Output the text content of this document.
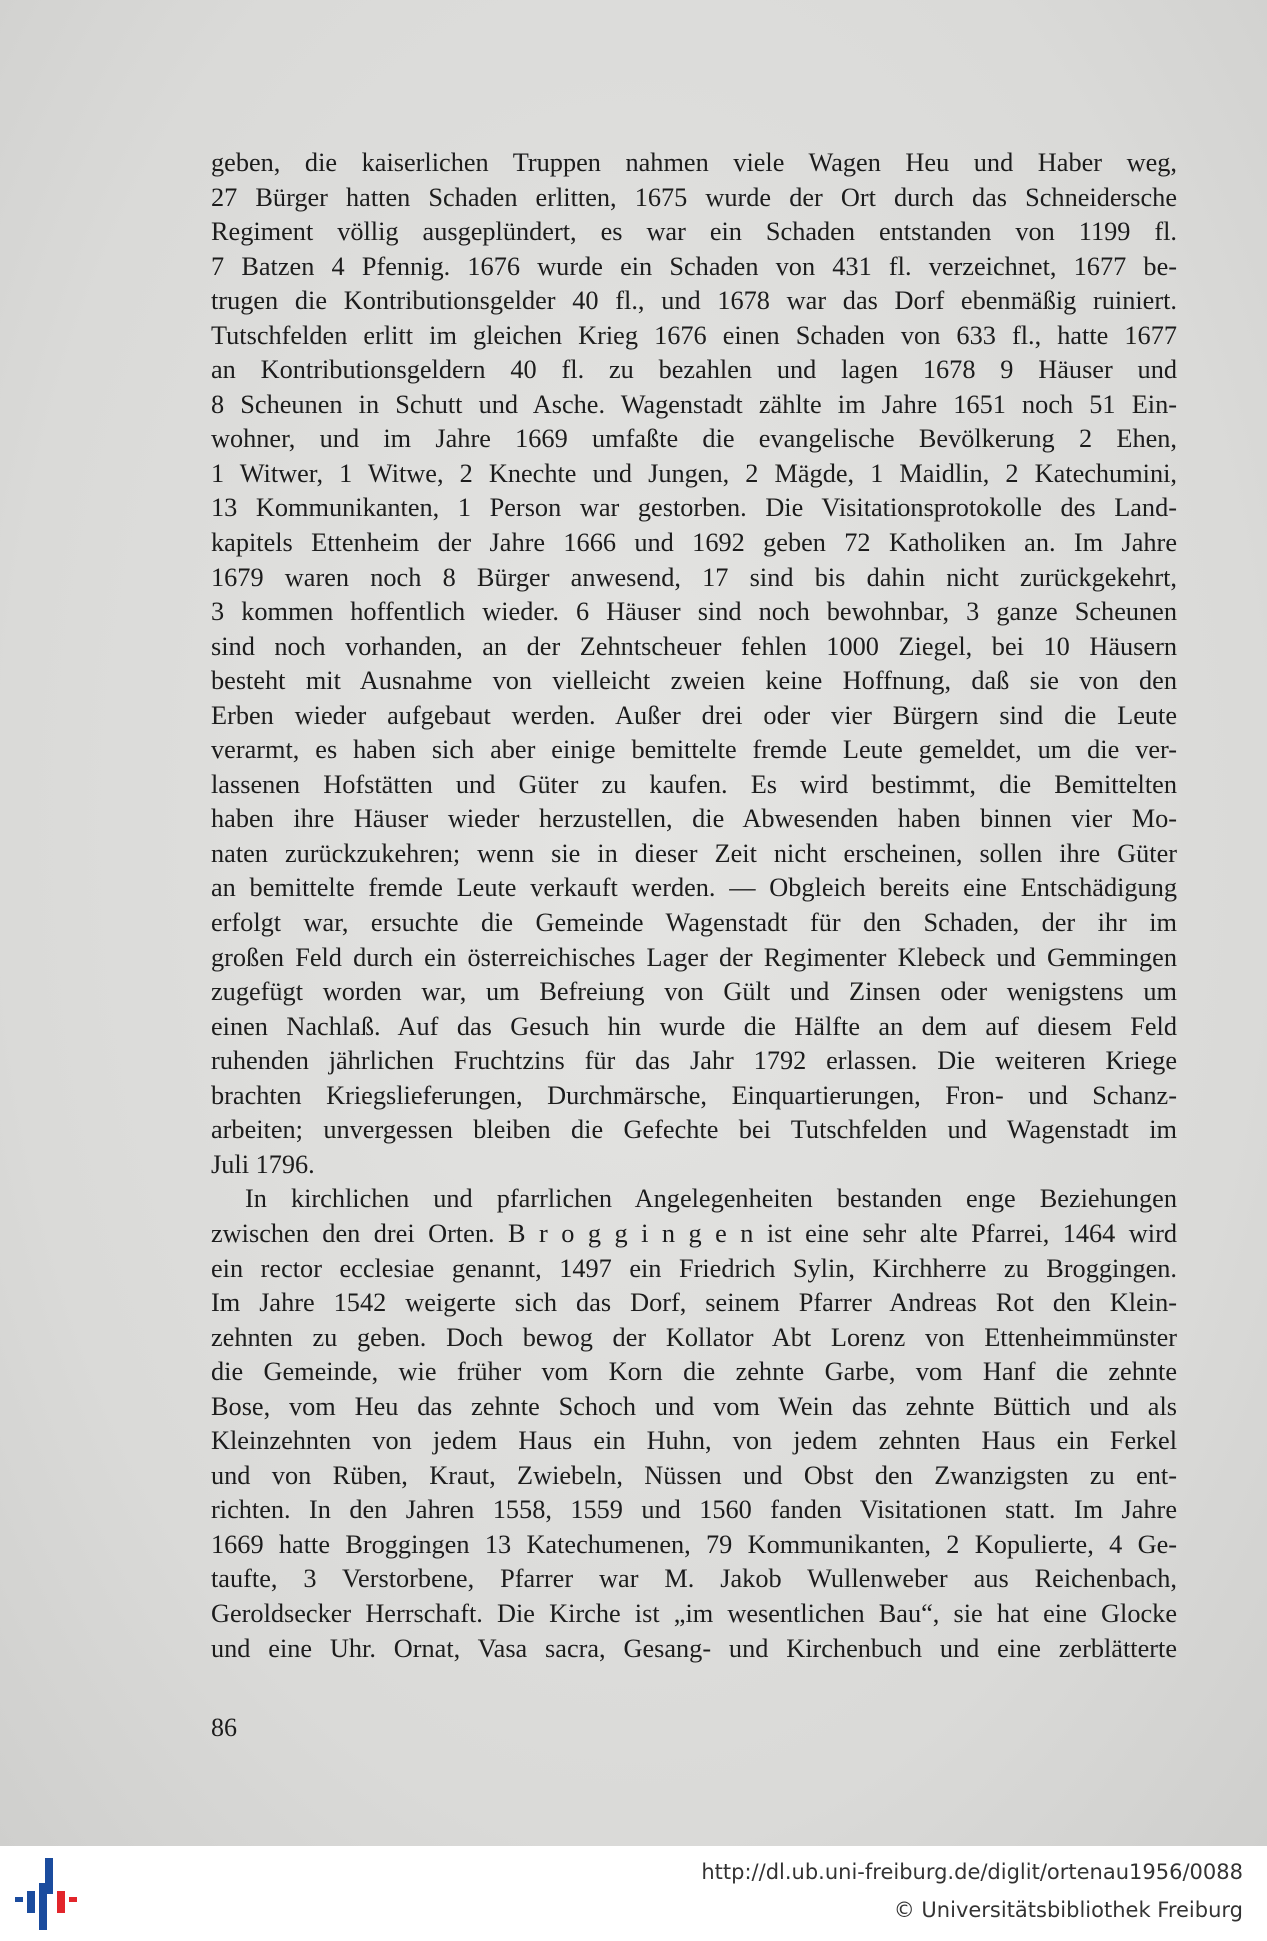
geben, die kaiserlichen Truppen nahmen viele Wagen Heu und Haber weg,
27 Bürger hatten Schaden erlitten, 1675 wurde der Ort durch das Schneidersche
Regiment völlig ausgeplündert, es war ein Schaden entstanden von 1199 fl.
7 Batzen 4 Pfennig. 1676 wurde ein Schaden von 431 fl. verzeichnet, 1677 be-
trugen die Kontributionsgelder 40 fl., und 1678 war das Dorf ebenmäßig ruiniert.
Tutschfelden erlitt im gleichen Krieg 1676 einen Schaden von 633 fl., hatte 1677
an Kontributionsgeldern 40 fl. zu bezahlen und lagen 1678 9 Häuser und
8 Scheunen in Schutt und Asche. Wagenstadt zählte im Jahre 1651 noch 51 Ein-
wohner, und im Jahre 1669 umfaßte die evangelische Bevölkerung 2 Ehen,
1 Witwer, 1 Witwe, 2 Knechte und Jungen, 2 Mägde, 1 Maidlin, 2 Katechumini,
13 Kommunikanten, 1 Person war gestorben. Die Visitationsprotokolle des Land-
kapitels Ettenheim der Jahre 1666 und 1692 geben 72 Katholiken an. Im Jahre
1679 waren noch 8 Bürger anwesend, 17 sind bis dahin nicht zurückgekehrt,
3 kommen hoffentlich wieder. 6 Häuser sind noch bewohnbar, 3 ganze Scheunen
sind noch vorhanden, an der Zehntscheuer fehlen 1000 Ziegel, bei 10 Häusern
besteht mit Ausnahme von vielleicht zweien keine Hoffnung, daß sie von den
Erben wieder aufgebaut werden. Außer drei oder vier Bürgern sind die Leute
verarmt, es haben sich aber einige bemittelte fremde Leute gemeldet, um die ver-
lassenen Hofstätten und Güter zu kaufen. Es wird bestimmt, die Bemittelten
haben ihre Häuser wieder herzustellen, die Abwesenden haben binnen vier Mo-
naten zurückzukehren; wenn sie in dieser Zeit nicht erscheinen, sollen ihre Güter
an bemittelte fremde Leute verkauft werden. — Obgleich bereits eine Entschädigung
erfolgt war, ersuchte die Gemeinde Wagenstadt für den Schaden, der ihr im
großen Feld durch ein österreichisches Lager der Regimenter Klebeck und Gemmingen
zugefügt worden war, um Befreiung von Gült und Zinsen oder wenigstens um
einen Nachlaß. Auf das Gesuch hin wurde die Hälfte an dem auf diesem Feld
ruhenden jährlichen Fruchtzins für das Jahr 1792 erlassen. Die weiteren Kriege
brachten Kriegslieferungen, Durchmärsche, Einquartierungen, Fron- und Schanz-
arbeiten; unvergessen bleiben die Gefechte bei Tutschfelden und Wagenstadt im
Juli 1796.
In kirchlichen und pfarrlichen Angelegenheiten bestanden enge Beziehungen
zwischen den drei Orten. B r o g g i n g e n ist eine sehr alte Pfarrei, 1464 wird
ein rector ecclesiae genannt, 1497 ein Friedrich Sylin, Kirchherre zu Broggingen.
Im Jahre 1542 weigerte sich das Dorf, seinem Pfarrer Andreas Rot den Klein-
zehnten zu geben. Doch bewog der Kollator Abt Lorenz von Ettenheimmünster
die Gemeinde, wie früher vom Korn die zehnte Garbe, vom Hanf die zehnte
Bose, vom Heu das zehnte Schoch und vom Wein das zehnte Büttich und als
Kleinzehnten von jedem Haus ein Huhn, von jedem zehnten Haus ein Ferkel
und von Rüben, Kraut, Zwiebeln, Nüssen und Obst den Zwanzigsten zu ent-
richten. In den Jahren 1558, 1559 und 1560 fanden Visitationen statt. Im Jahre
1669 hatte Broggingen 13 Katechumenen, 79 Kommunikanten, 2 Kopulierte, 4 Ge-
taufte, 3 Verstorbene, Pfarrer war M. Jakob Wullenweber aus Reichenbach,
Geroldsecker Herrschaft. Die Kirche ist „im wesentlichen Bau“, sie hat eine Glocke
und eine Uhr. Ornat, Vasa sacra, Gesang- und Kirchenbuch und eine zerblätterte
86
http://dl.ub.uni-freiburg.de/diglit/ortenau1956/0088
© Universitätsbibliothek Freiburg
